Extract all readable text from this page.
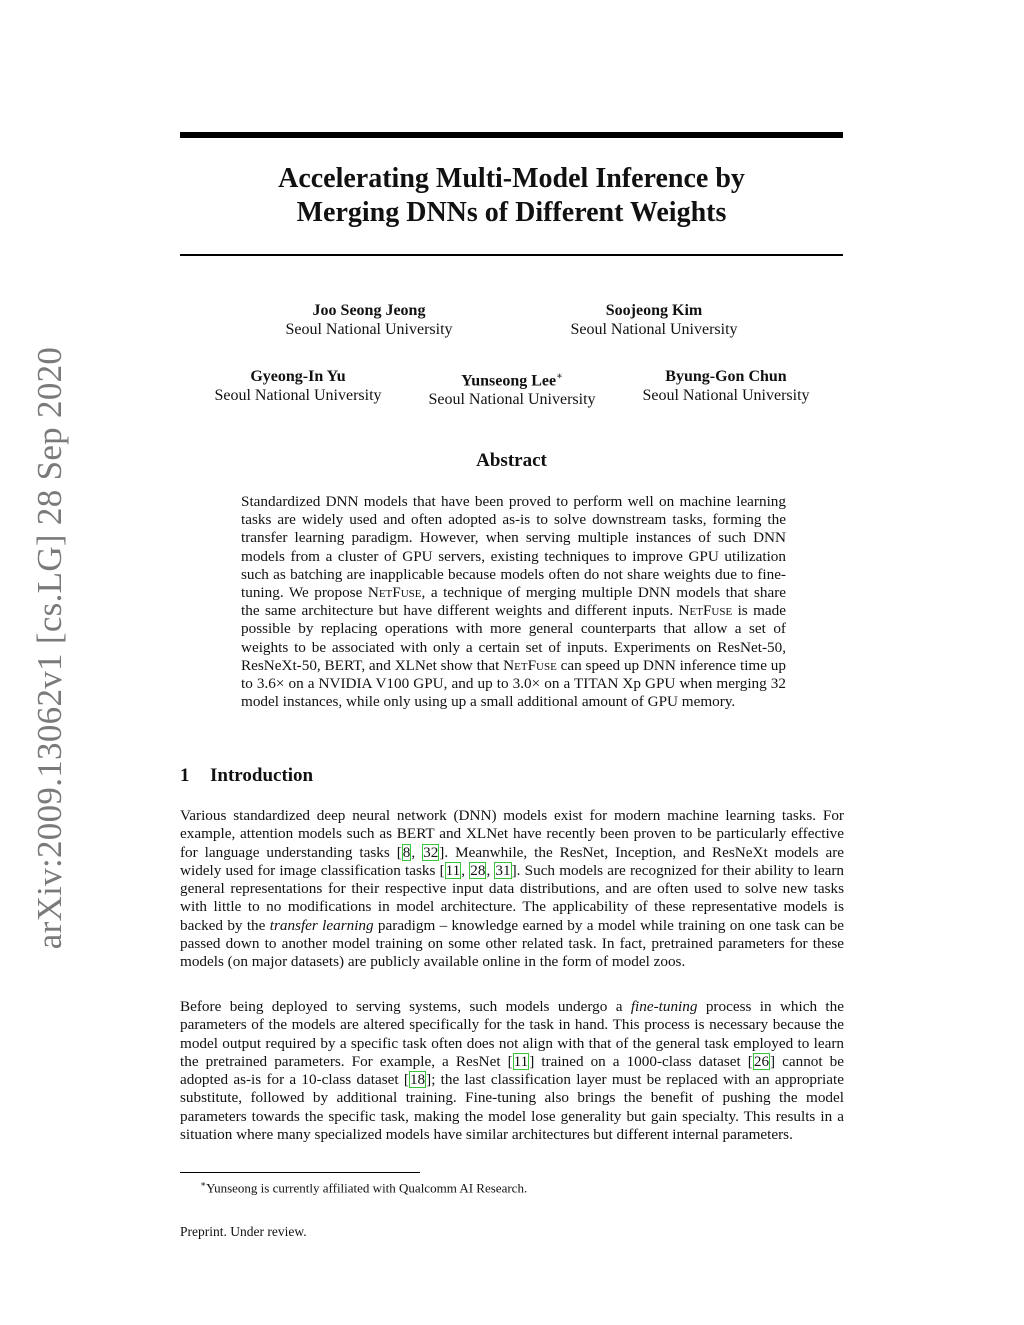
arXiv:2009.13062v1 [cs.LG] 28 Sep 2020
Accelerating Multi-Model Inference by
Merging DNNs of Different Weights
Joo Seong Jeong
Seoul National University
Soojeong Kim
Seoul National University
Gyeong-In Yu
Seoul National University
Yunseong Lee∗
Seoul National University
Byung-Gon Chun
Seoul National University
Abstract

Standardized DNN models that have been proved to perform well on machine learning tasks are widely used and often adopted as-is to solve downstream tasks, forming the transfer learning paradigm. However, when serving multiple instances of such DNN models from a cluster of GPU servers, existing techniques to improve GPU utilization such as batching are inapplicable because models often do not share weights due to fine-tuning. We propose NetFuse, a technique of merging multiple DNN models that share the same architecture but have different weights and different inputs. NetFuse is made possible by replacing operations with more general counterparts that allow a set of weights to be associated with only a certain set of inputs. Experiments on ResNet-50, ResNeXt-50, BERT, and XLNet show that NetFuse can speed up DNN inference time up to 3.6× on a NVIDIA V100 GPU, and up to 3.0× on a TITAN Xp GPU when merging 32 model instances, while only using up a small additional amount of GPU memory.

1 Introduction

Various standardized deep neural network (DNN) models exist for modern machine learning tasks. For example, attention models such as BERT and XLNet have recently been proven to be particularly effective for language understanding tasks [8, 32]. Meanwhile, the ResNet, Inception, and ResNeXt models are widely used for image classification tasks [11, 28, 31]. Such models are recognized for their ability to learn general representations for their respective input data distributions, and are often used to solve new tasks with little to no modifications in model architecture. The applicability of these representative models is backed by the transfer learning paradigm – knowledge earned by a model while training on one task can be passed down to another model training on some other related task. In fact, pretrained parameters for these models (on major datasets) are publicly available online in the form of model zoos.

Before being deployed to serving systems, such models undergo a fine-tuning process in which the parameters of the models are altered specifically for the task in hand. This process is necessary because the model output required by a specific task often does not align with that of the general task employed to learn the pretrained parameters. For example, a ResNet [11] trained on a 1000-class dataset [26] cannot be adopted as-is for a 10-class dataset [18]; the last classification layer must be replaced with an appropriate substitute, followed by additional training. Fine-tuning also brings the benefit of pushing the model parameters towards the specific task, making the model lose generality but gain specialty. This results in a situation where many specialized models have similar architectures but different internal parameters.

∗Yunseong is currently affiliated with Qualcomm AI Research.

Preprint. Under review.
